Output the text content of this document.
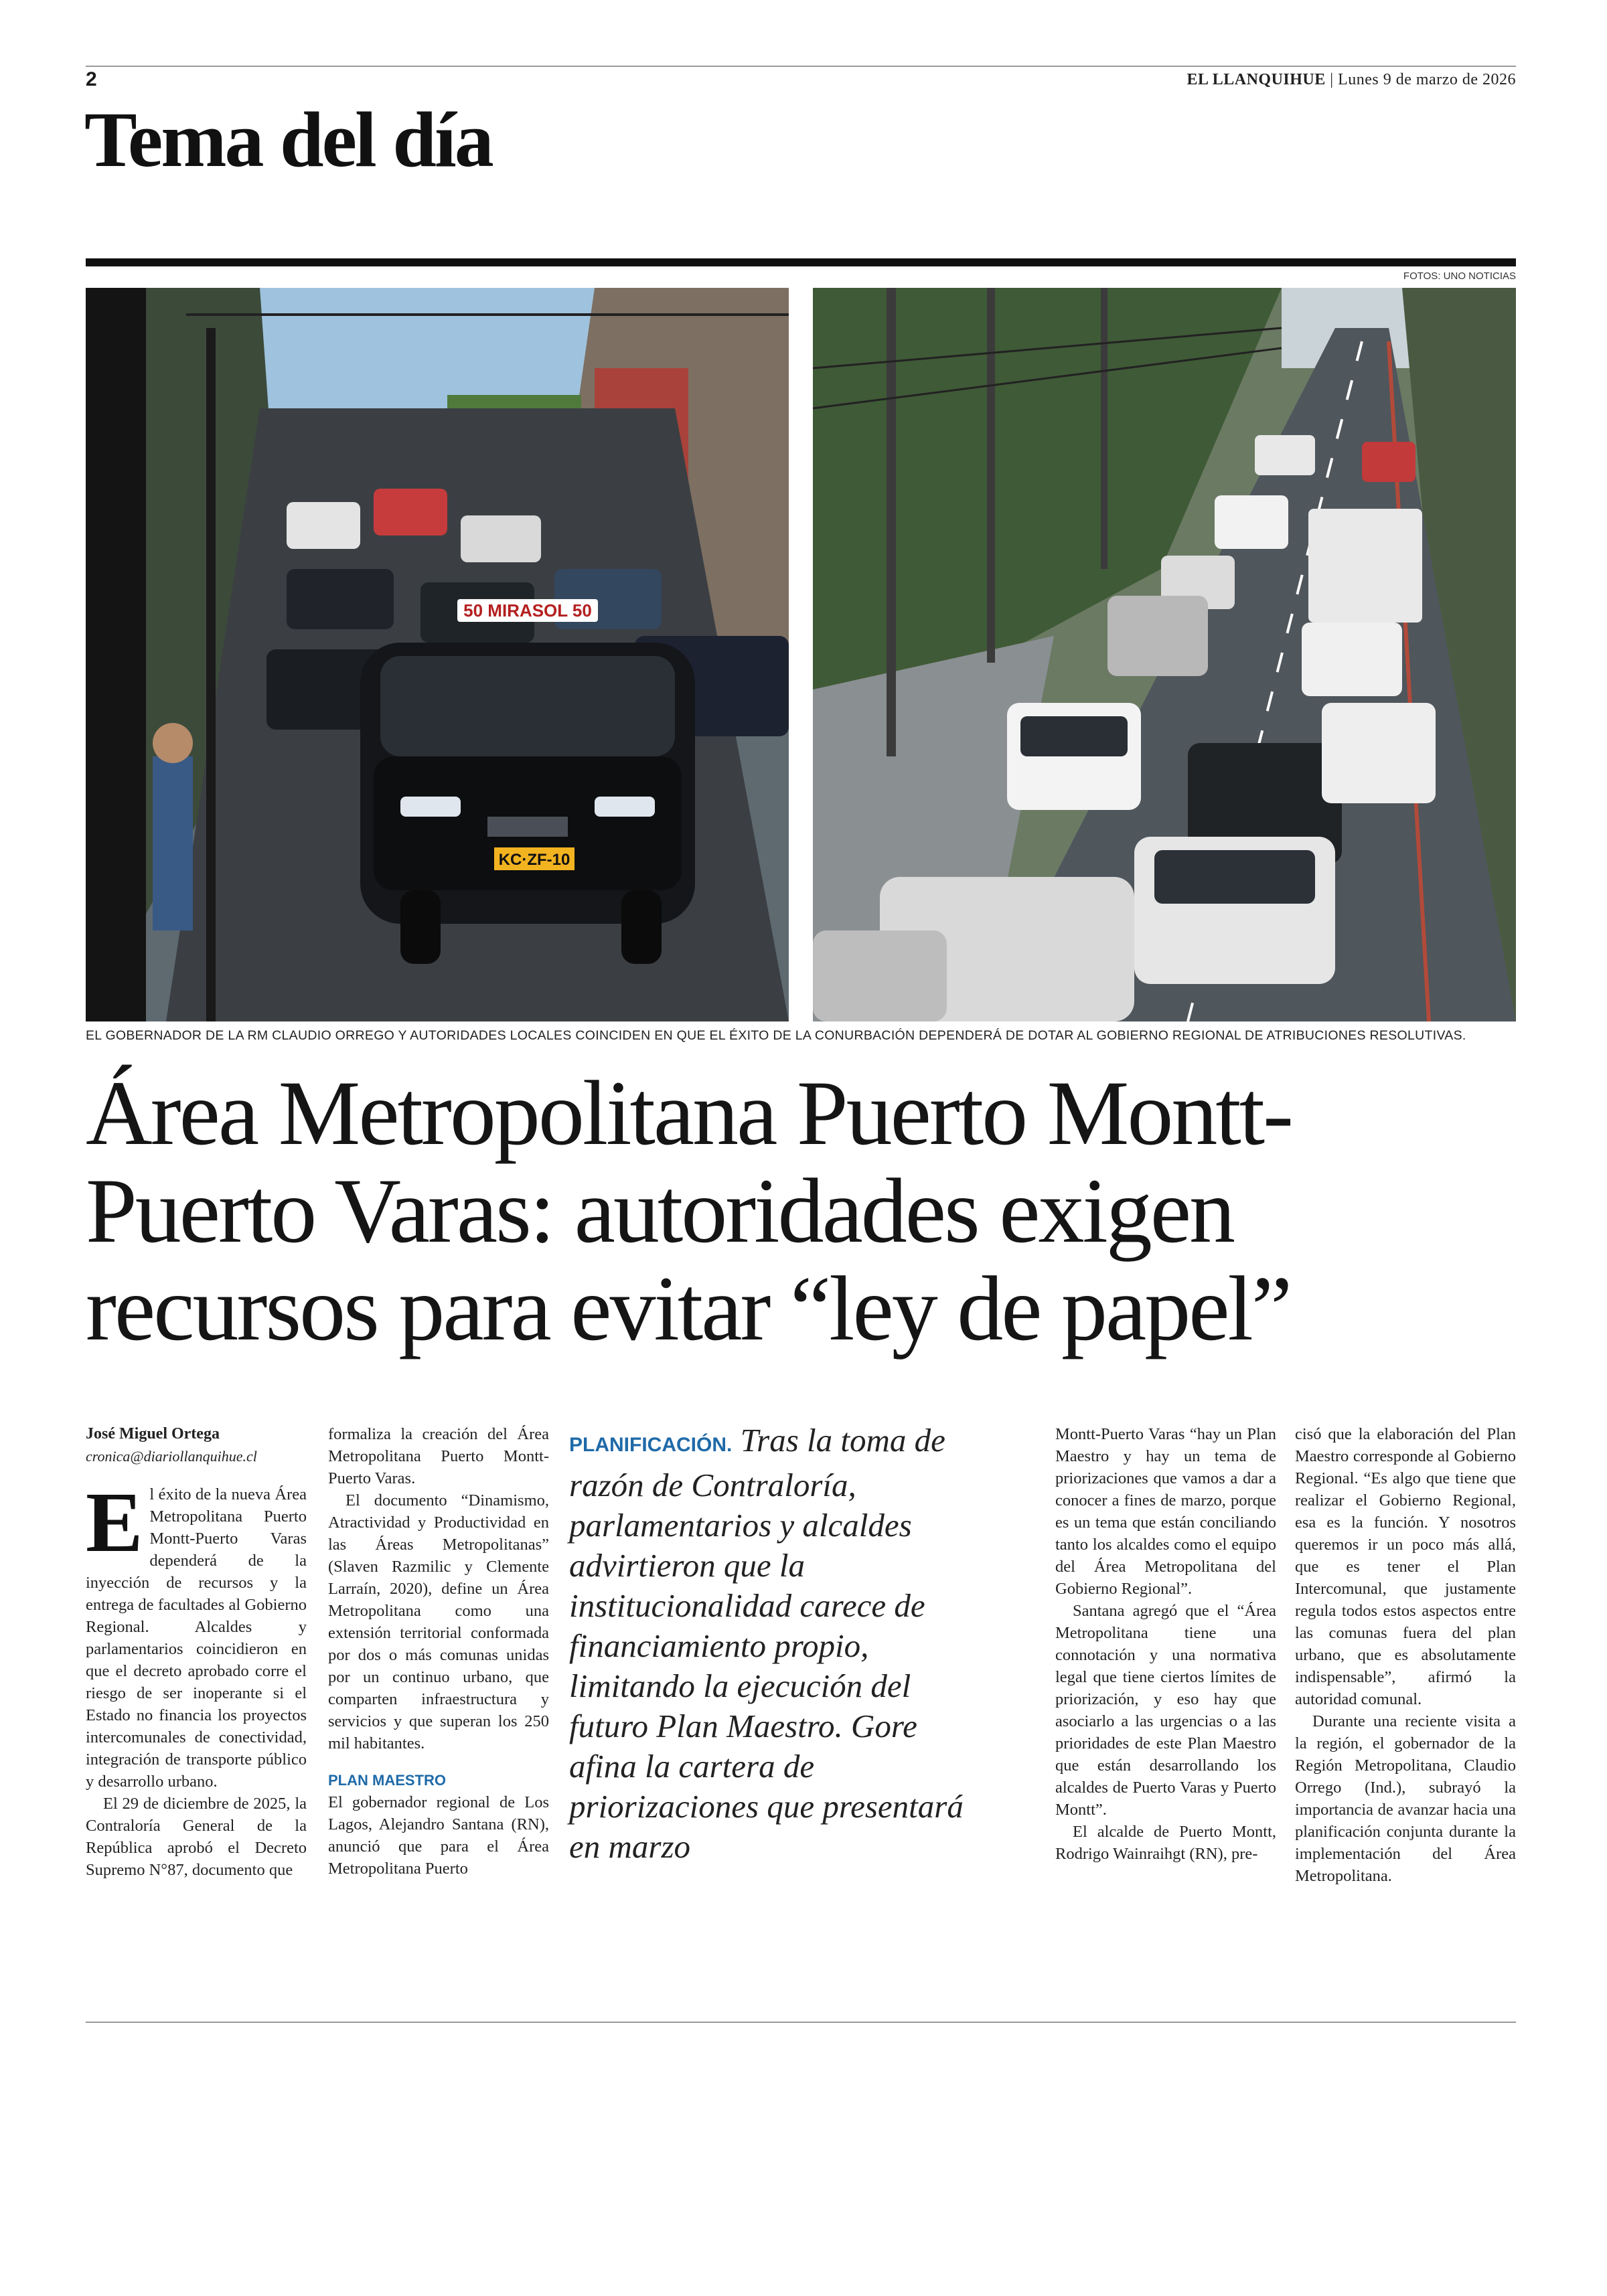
2	EL LLANQUIHUE | Lunes 9 de marzo de 2026
Tema del día
FOTOS: UNO NOTICIAS
50 MIRASOL 50
KC·ZF-10
EL GOBERNADOR DE LA RM CLAUDIO ORREGO Y AUTORIDADES LOCALES COINCIDEN EN QUE EL ÉXITO DE LA CONURBACIÓN DEPENDERÁ DE DOTAR AL GOBIERNO REGIONAL DE ATRIBUCIONES RESOLUTIVAS.
Área Metropolitana Puerto Montt-
Puerto Varas: autoridades exigen
recursos para evitar “ley de papel”
José Miguel Ortega
cronica@diariollanquihue.cl

El éxito de la nueva Área Metropolitana Puerto Montt-Puerto Varas dependerá de la inyección de recursos y la entrega de facultades al Gobierno Regional. Alcaldes y parlamentarios coincidieron en que el decreto aprobado corre el riesgo de ser inoperante si el Estado no financia los proyectos intercomunales de conectividad, integración de transporte público y desarrollo urbano.

El 29 de diciembre de 2025, la Contraloría General de la República aprobó el Decreto Supremo N°87, documento que

formaliza la creación del Área Metropolitana Puerto Montt-Puerto Varas.

El documento “Dinamismo, Atractividad y Productividad en las Áreas Metropolitanas” (Slaven Razmilic y Clemente Larraín, 2020), define un Área Metropolitana como una extensión territorial conformada por dos o más comunas unidas por un continuo urbano, que comparten infraestructura y servicios y que superan los 250 mil habitantes.

PLAN MAESTRO

El gobernador regional de Los Lagos, Alejandro Santana (RN), anunció que para el Área Metropolitana Puerto

PLANIFICACIÓN. Tras la toma de razón de Contraloría, parlamentarios y alcaldes advirtieron que la institucionalidad carece de financiamiento propio, limitando la ejecución del futuro Plan Maestro. Gore afina la cartera de priorizaciones que presentará en marzo

Montt-Puerto Varas “hay un Plan Maestro y hay un tema de priorizaciones que vamos a dar a conocer a fines de marzo, porque es un tema que están conciliando tanto los alcaldes como el equipo del Área Metropolitana del Gobierno Regional”.

Santana agregó que el “Área Metropolitana tiene una connotación y una normativa legal que tiene ciertos límites de priorización, y eso hay que asociarlo a las urgencias o a las prioridades de este Plan Maestro que están desarrollando los alcaldes de Puerto Varas y Puerto Montt”.

El alcalde de Puerto Montt, Rodrigo Wainraihgt (RN), pre-

cisó que la elaboración del Plan Maestro corresponde al Gobierno Regional. “Es algo que tiene que realizar el Gobierno Regional, esa es la función. Y nosotros queremos ir un poco más allá, que es tener el Plan Intercomunal, que justamente regula todos estos aspectos entre las comunas fuera del plan urbano, que es absolutamente indispensable”, afirmó la autoridad comunal.

Durante una reciente visita a la región, el gobernador de la Región Metropolitana, Claudio Orrego (Ind.), subrayó la importancia de avanzar hacia una planificación conjunta durante la implementación del Área Metropolitana.
